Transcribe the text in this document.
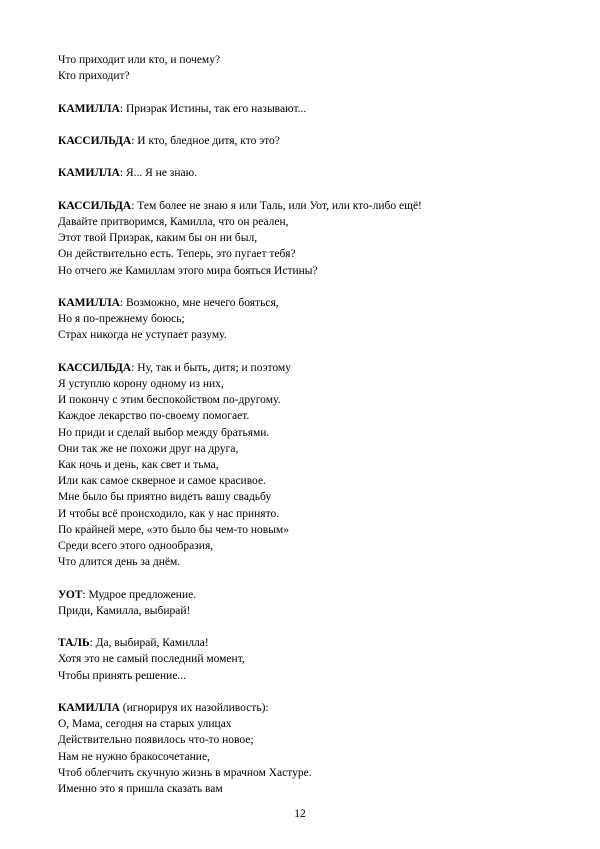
Что приходит или кто, и почему?
Кто приходит?
КАМИЛЛА: Призрак Истины, так его называют...
КАССИЛЬДА: И кто, бледное дитя, кто это?
КАМИЛЛА: Я... Я не знаю.
КАССИЛЬДА: Тем более не знаю я или Таль, или Уот, или кто-либо ещё!
Давайте притворимся, Камилла, что он реален,
Этот твой Призрак, каким бы он ни был,
Он действительно есть. Теперь, это пугает тебя?
Но отчего же Камиллам этого мира бояться Истины?
КАМИЛЛА: Возможно, мне нечего бояться,
Но я по-прежнему боюсь;
Страх никогда не уступает разуму.
КАССИЛЬДА: Ну, так и быть, дитя; и поэтому
Я уступлю корону одному из них,
И покончу с этим беспокойством по-другому.
Каждое лекарство по-своему помогает.
Но приди и сделай выбор между братьями.
Они так же не похожи друг на друга,
Как ночь и день, как свет и тьма,
Или как самое скверное и самое красивое.
Мне было бы приятно видеть вашу свадьбу
И чтобы всё происходило, как у нас принято.
По крайней мере, «это было бы чем-то новым»
Среди всего этого однообразия,
Что длится день за днём.
УОТ: Мудрое предложение.
Приди, Камилла, выбирай!
ТАЛЬ: Да, выбирай, Камилла!
Хотя это не самый последний момент,
Чтобы принять решение...
КАМИЛЛА (игнорируя их назойливость):
О, Мама, сегодня на старых улицах
Действительно появилось что-то новое;
Нам не нужно бракосочетание,
Чтоб облегчить скучную жизнь в мрачном Хастуре.
Именно это я пришла сказать вам
12
